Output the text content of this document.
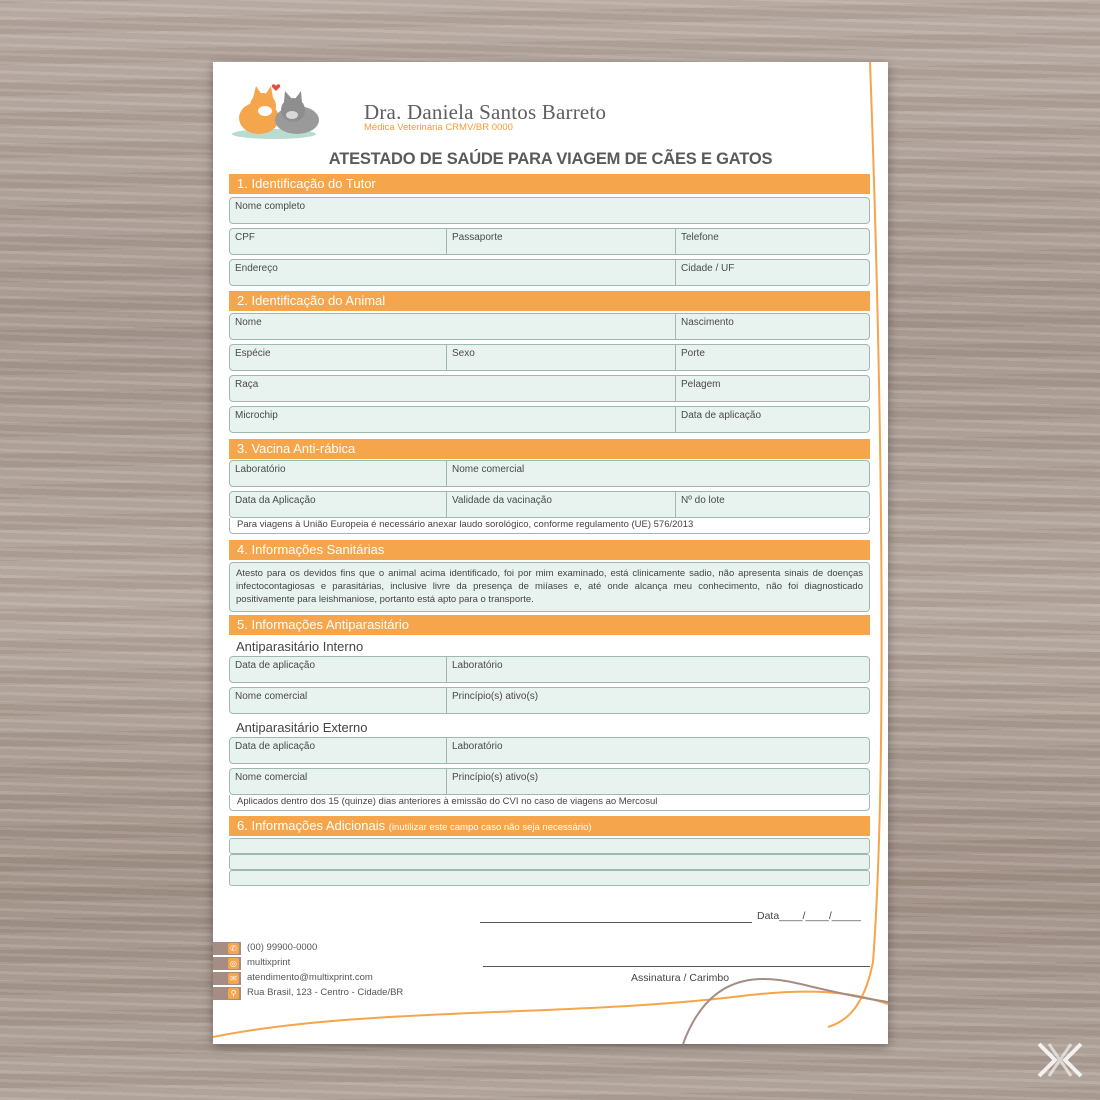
Dra. Daniela Santos Barreto
Médica Veterinária CRMV/BR 0000
ATESTADO DE SAÚDE PARA VIAGEM DE CÃES E GATOS
1. Identificação do Tutor
Nome completo
CPF	Passaporte	Telefone
Endereço	Cidade / UF
2. Identificação do Animal
Nome	Nascimento
Espécie	Sexo	Porte
Raça	Pelagem
Microchip	Data de aplicação
3. Vacina Anti-rábica
Laboratório	Nome comercial
Data da Aplicação	Validade da vacinação	Nº do lote
Para viagens à União Europeia é necessário anexar laudo sorológico, conforme regulamento (UE) 576/2013
4. Informações Sanitárias
Atesto para os devidos fins que o animal acima identificado, foi por mim examinado, está clinicamente sadio, não apresenta sinais de doenças infectocontagiosas e parasitárias, inclusive livre da presença de miíases e, até onde alcança meu conhecimento, não foi diagnosticado positivamente para leishmaniose, portanto está apto para o transporte.
5. Informações Antiparasitário
Antiparasitário Interno
Data de aplicação	Laboratório
Nome comercial	Princípio(s) ativo(s)
Antiparasitário Externo
Data de aplicação	Laboratório
Nome comercial	Princípio(s) ativo(s)
Aplicados dentro dos 15 (quinze) dias anteriores à emissão do CVI no caso de viagens ao Mercosul
6. Informações Adicionais (inutilizar este campo caso não seja necessário)
Data____/____/_____
Assinatura / Carimbo
✆ (00) 99900-0000
◎ multixprint
✉ atendimento@multixprint.com
⚲ Rua Brasil, 123 - Centro - Cidade/BR
